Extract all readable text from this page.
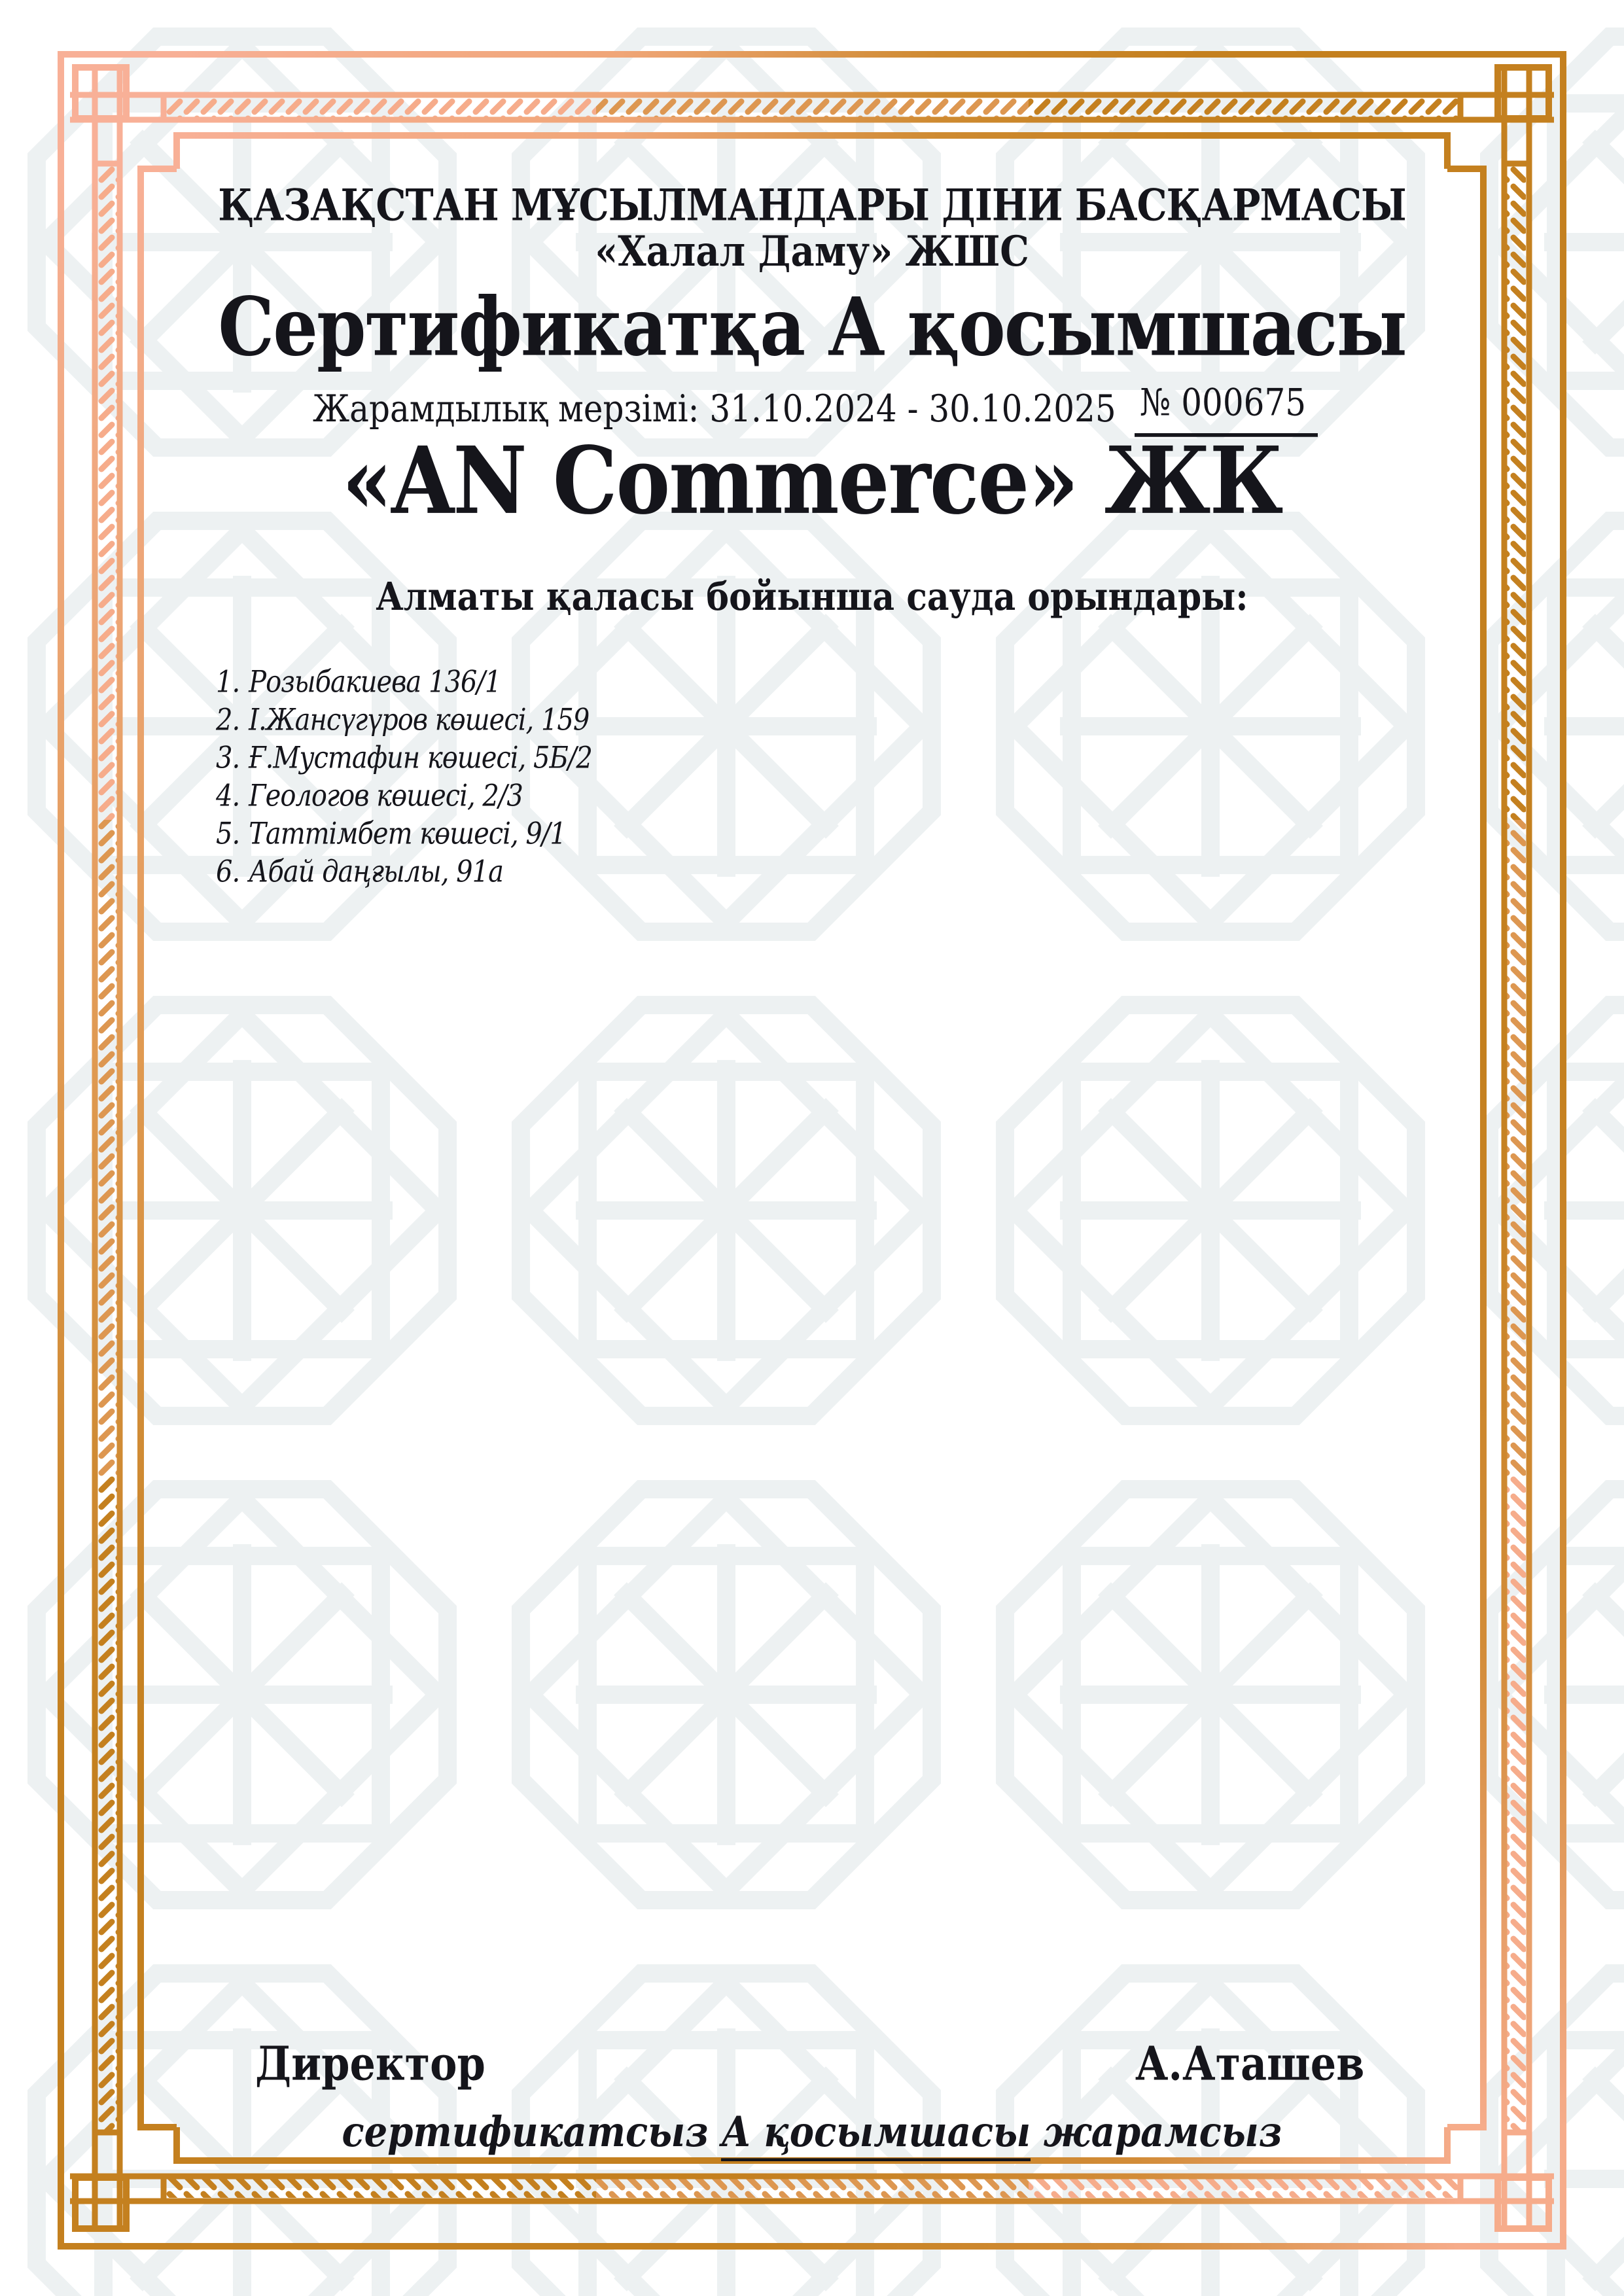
ҚАЗАҚСТАН МҰСЫЛМАНДАРЫ ДІНИ БАСҚАРМАСЫ
«Халал Даму» ЖШС
Сертификатқа А қосымшасы
Жарамдылық мерзімі: 31.10.2024 - 30.10.2025 № 000675
«AN Commerce» ЖК
Алматы қаласы бойынша сауда орындары:
1. Розыбакиева 136/1
2. І.Жансүгүров көшесі, 159
3. Ғ.Мустафин көшесі, 5Б/2
4. Геологов көшесі, 2/3
5. Таттімбет көшесі, 9/1
6. Абай даңғылы, 91а
Директор	А.Аташев
сертификатсыз А қосымшасы жарамсыз
